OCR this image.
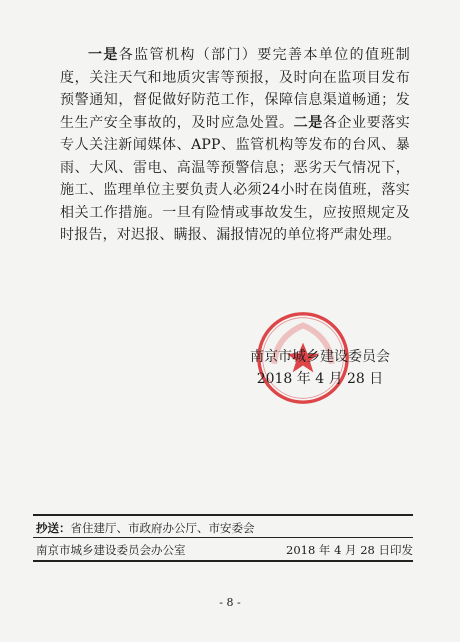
一是各监管机构（部门）要完善本单位的值班制度，关注天气和地质灾害等预报，及时向在监项目发布预警通知，督促做好防范工作，保障信息渠道畅通；发生生产安全事故的，及时应急处置。二是各企业要落实专人关注新闻媒体、APP、监管机构等发布的台风、暴雨、大风、雷电、高温等预警信息；恶劣天气情况下，施工、监理单位主要负责人必须24小时在岗值班，落实相关工作措施。一旦有险情或事故发生，应按照规定及时报告，对迟报、瞒报、漏报情况的单位将严肃处理。

南京市城乡建设委员会
2018 年 4 月 28 日
抄送：省住建厅、市政府办公厅、市安委会
南京市城乡建设委员会办公室	2018 年 4 月 28 日印发
- 8 -
